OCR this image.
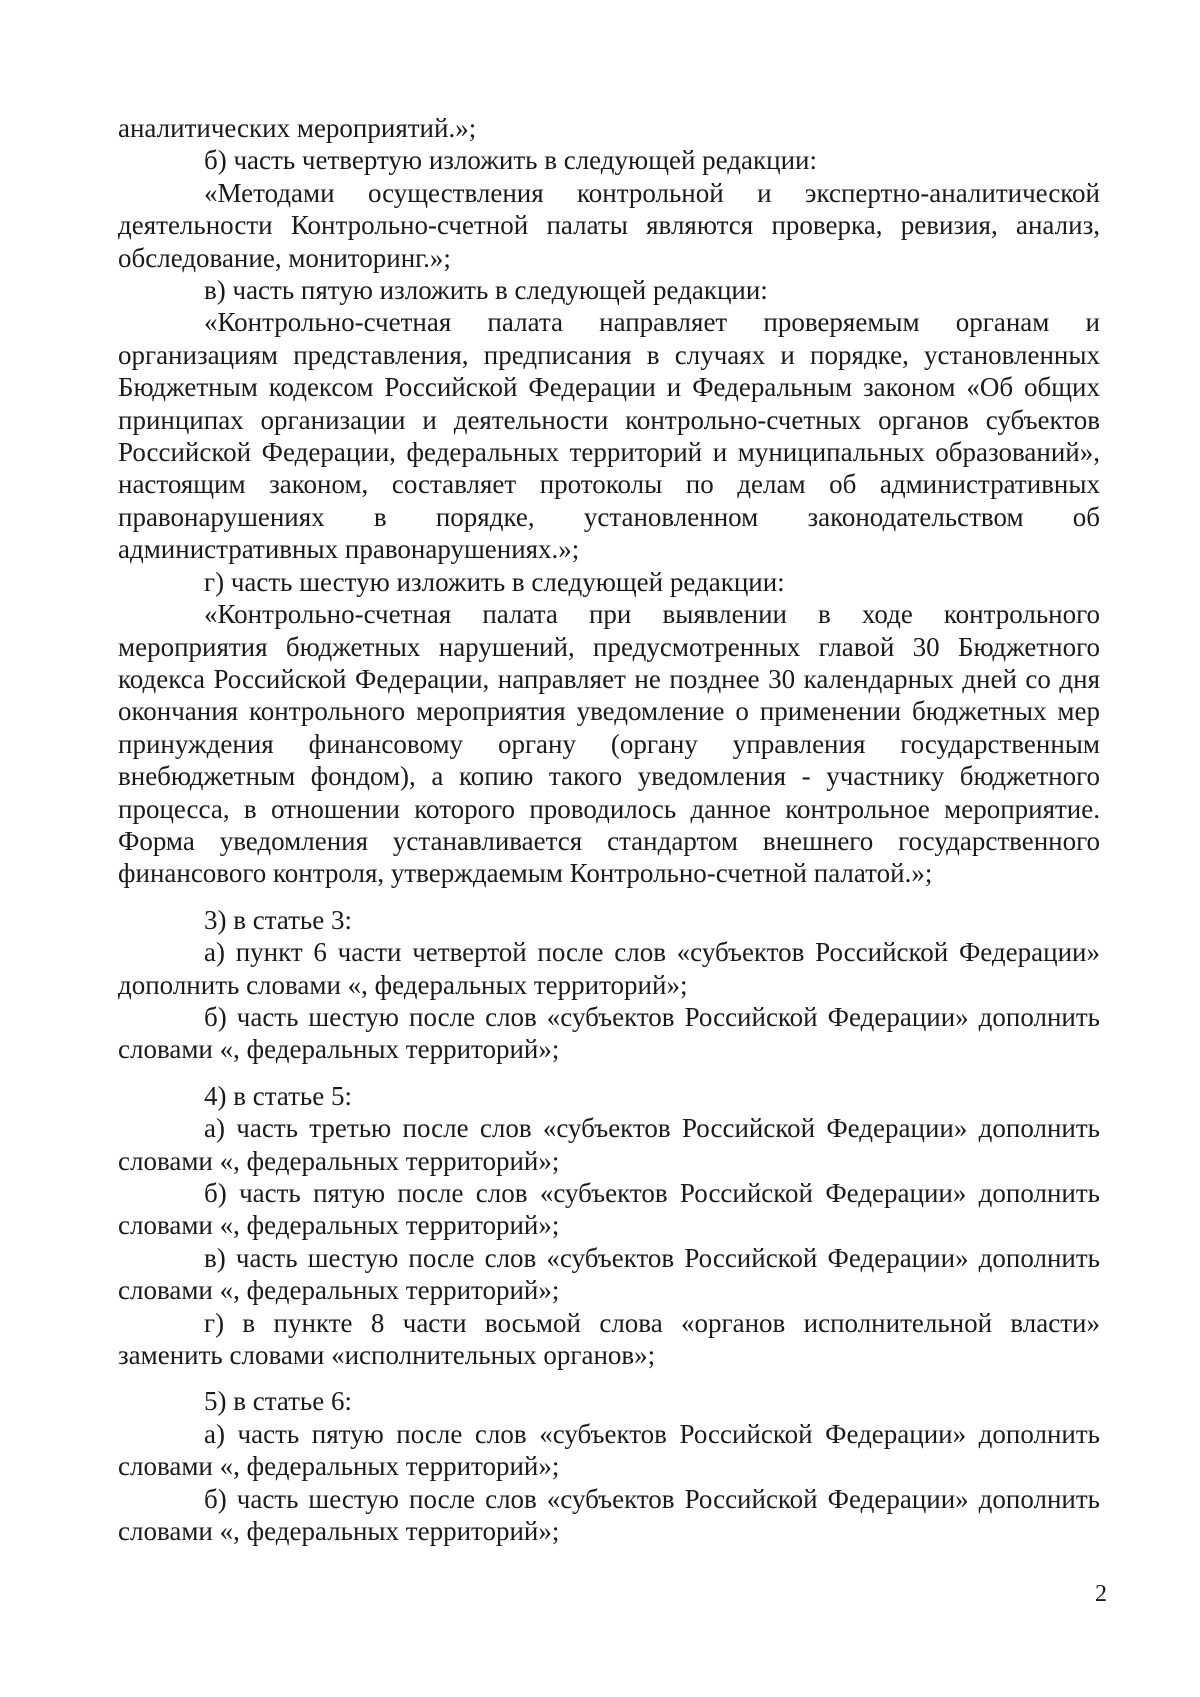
аналитических мероприятий.»;

б) часть четвертую изложить в следующей редакции:

«Методами осуществления контрольной и экспертно-аналитической деятельности Контрольно-счетной палаты являются проверка, ревизия, анализ, обследование, мониторинг.»;

в) часть пятую изложить в следующей редакции:

«Контрольно-счетная палата направляет проверяемым органам и организациям представления, предписания в случаях и порядке, установленных Бюджетным кодексом Российской Федерации и Федеральным законом «Об общих принципах организации и деятельности контрольно-счетных органов субъектов Российской Федерации, федеральных территорий и муниципальных образований», настоящим законом, составляет протоколы по делам об административных правонарушениях в порядке, установленном законодательством об административных правонарушениях.»;

г) часть шестую изложить в следующей редакции:

«Контрольно-счетная палата при выявлении в ходе контрольного мероприятия бюджетных нарушений, предусмотренных главой 30 Бюджетного кодекса Российской Федерации, направляет не позднее 30 календарных дней со дня окончания контрольного мероприятия уведомление о применении бюджетных мер принуждения финансовому органу (органу управления государственным внебюджетным фондом), а копию такого уведомления - участнику бюджетного процесса, в отношении которого проводилось данное контрольное мероприятие. Форма уведомления устанавливается стандартом внешнего государственного финансового контроля, утверждаемым Контрольно-счетной палатой.»;

3) в статье 3:

а) пункт 6 части четвертой после слов «субъектов Российской Федерации» дополнить словами «, федеральных территорий»;

б) часть шестую после слов «субъектов Российской Федерации» дополнить словами «, федеральных территорий»;

4) в статье 5:

а) часть третью после слов «субъектов Российской Федерации» дополнить словами «, федеральных территорий»;

б) часть пятую после слов «субъектов Российской Федерации» дополнить словами «, федеральных территорий»;

в) часть шестую после слов «субъектов Российской Федерации» дополнить словами «, федеральных территорий»;

г) в пункте 8 части восьмой слова «органов исполнительной власти» заменить словами «исполнительных органов»;

5) в статье 6:

а) часть пятую после слов «субъектов Российской Федерации» дополнить словами «, федеральных территорий»;

б) часть шестую после слов «субъектов Российской Федерации» дополнить словами «, федеральных территорий»;

2
